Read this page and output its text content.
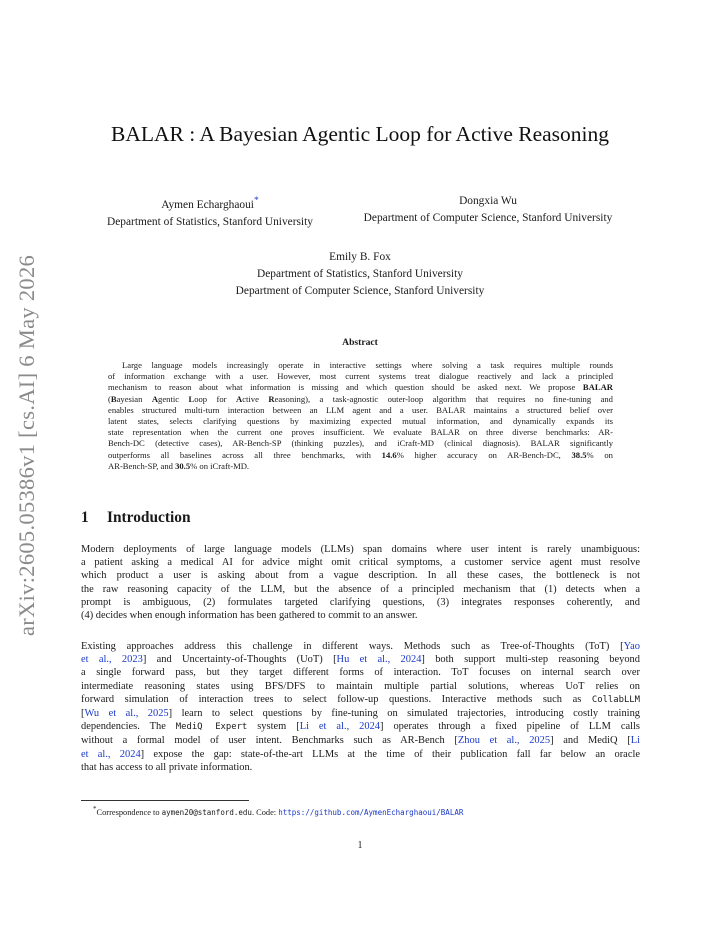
arXiv:2605.05386v1 [cs.AI] 6 May 2026
BALAR : A Bayesian Agentic Loop for Active Reasoning
Aymen Echarghaoui*
Department of Statistics, Stanford University
Dongxia Wu
Department of Computer Science, Stanford University
Emily B. Fox
Department of Statistics, Stanford University
Department of Computer Science, Stanford University
Abstract
Large language models increasingly operate in interactive settings where solving a task requires multiple rounds
of information exchange with a user. However, most current systems treat dialogue reactively and lack a principled
mechanism to reason about what information is missing and which question should be asked next. We propose BALAR
(Bayesian Agentic Loop for Active Reasoning), a task-agnostic outer-loop algorithm that requires no fine-tuning and
enables structured multi-turn interaction between an LLM agent and a user. BALAR maintains a structured belief over
latent states, selects clarifying questions by maximizing expected mutual information, and dynamically expands its
state representation when the current one proves insufficient. We evaluate BALAR on three diverse benchmarks: AR-
Bench-DC (detective cases), AR-Bench-SP (thinking puzzles), and iCraft-MD (clinical diagnosis). BALAR significantly
outperforms all baselines across all three benchmarks, with 14.6% higher accuracy on AR-Bench-DC, 38.5% on
AR-Bench-SP, and 30.5% on iCraft-MD.
1 Introduction
Modern deployments of large language models (LLMs) span domains where user intent is rarely unambiguous:
a patient asking a medical AI for advice might omit critical symptoms, a customer service agent must resolve
which product a user is asking about from a vague description. In all these cases, the bottleneck is not
the raw reasoning capacity of the LLM, but the absence of a principled mechanism that (1) detects when a
prompt is ambiguous, (2) formulates targeted clarifying questions, (3) integrates responses coherently, and
(4) decides when enough information has been gathered to commit to an answer.
Existing approaches address this challenge in different ways. Methods such as Tree-of-Thoughts (ToT) [Yao
et al., 2023] and Uncertainty-of-Thoughts (UoT) [Hu et al., 2024] both support multi-step reasoning beyond
a single forward pass, but they target different forms of interaction. ToT focuses on internal search over
intermediate reasoning states using BFS/DFS to maintain multiple partial solutions, whereas UoT relies on
forward simulation of interaction trees to select follow-up questions. Interactive methods such as CollabLLM
[Wu et al., 2025] learn to select questions by fine-tuning on simulated trajectories, introducing costly training
dependencies. The MediQ Expert system [Li et al., 2024] operates through a fixed pipeline of LLM calls
without a formal model of user intent. Benchmarks such as AR-Bench [Zhou et al., 2025] and MediQ [Li
et al., 2024] expose the gap: state-of-the-art LLMs at the time of their publication fall far below an oracle
that has access to all private information.
*Correspondence to aymen20@stanford.edu. Code: https://github.com/AymenEcharghaoui/BALAR
1
